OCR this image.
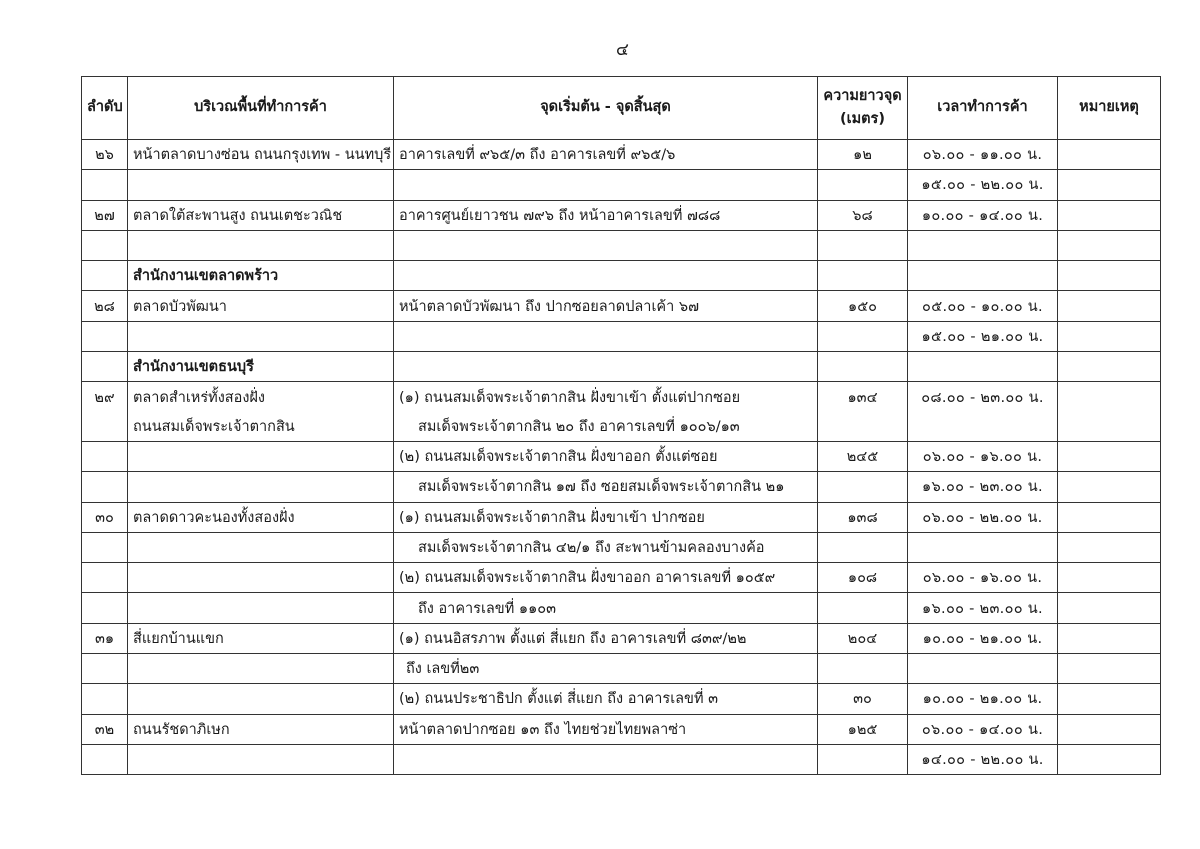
๔
ลำดับ	บริเวณพื้นที่ทำการค้า	จุดเริ่มต้น - จุดสิ้นสุด	ความยาวจุด
(เมตร)	เวลาทำการค้า	หมายเหตุ
๒๖	หน้าตลาดบางซ่อน ถนนกรุงเทพ - นนทบุรี	อาคารเลขที่ ๙๖๕/๓ ถึง อาคารเลขที่ ๙๖๕/๖	๑๒	๐๖.๐๐ - ๑๑.๐๐ น.	
				๑๕.๐๐ - ๒๒.๐๐ น.	
๒๗	ตลาดใต้สะพานสูง ถนนเตชะวณิช	อาคารศูนย์เยาวชน ๗๙๖ ถึง หน้าอาคารเลขที่ ๗๘๘	๖๘	๑๐.๐๐ - ๑๔.๐๐ น.	

	สำนักงานเขตลาดพร้าว				
๒๘	ตลาดบัวพัฒนา	หน้าตลาดบัวพัฒนา ถึง ปากซอยลาดปลาเค้า ๖๗	๑๕๐	๐๕.๐๐ - ๑๐.๐๐ น.	
				๑๕.๐๐ - ๒๑.๐๐ น.	
	สำนักงานเขตธนบุรี				
๒๙	ตลาดสำเหร่ทั้งสองฝั่ง	(๑) ถนนสมเด็จพระเจ้าตากสิน ฝั่งขาเข้า ตั้งแต่ปากซอย	๑๓๔	๐๘.๐๐ - ๒๓.๐๐ น.	
	ถนนสมเด็จพระเจ้าตากสิน	สมเด็จพระเจ้าตากสิน ๒๐ ถึง อาคารเลขที่ ๑๐๐๖/๑๓			
		(๒) ถนนสมเด็จพระเจ้าตากสิน ฝั่งขาออก ตั้งแต่ซอย	๒๔๕	๐๖.๐๐ - ๑๖.๐๐ น.	
		สมเด็จพระเจ้าตากสิน ๑๗ ถึง ซอยสมเด็จพระเจ้าตากสิน ๒๑		๑๖.๐๐ - ๒๓.๐๐ น.	
๓๐	ตลาดดาวคะนองทั้งสองฝั่ง	(๑) ถนนสมเด็จพระเจ้าตากสิน ฝั่งขาเข้า ปากซอย	๑๓๘	๐๖.๐๐ - ๒๒.๐๐ น.	
		สมเด็จพระเจ้าตากสิน ๔๒/๑ ถึง สะพานข้ามคลองบางค้อ			
		(๒) ถนนสมเด็จพระเจ้าตากสิน ฝั่งขาออก อาคารเลขที่ ๑๐๕๙	๑๐๘	๐๖.๐๐ - ๑๖.๐๐ น.	
		ถึง อาคารเลขที่ ๑๑๐๓		๑๖.๐๐ - ๒๓.๐๐ น.	
๓๑	สี่แยกบ้านแขก	(๑) ถนนอิสรภาพ ตั้งแต่ สี่แยก ถึง อาคารเลขที่ ๘๓๙/๒๒	๒๐๔	๑๐.๐๐ - ๒๑.๐๐ น.	
		ถึง เลขที่๒๓			
		(๒) ถนนประชาธิปก ตั้งแต่ สี่แยก ถึง อาคารเลขที่ ๓	๓๐	๑๐.๐๐ - ๒๑.๐๐ น.	
๓๒	ถนนรัชดาภิเษก	หน้าตลาดปากซอย ๑๓ ถึง ไทยช่วยไทยพลาซ่า	๑๒๕	๐๖.๐๐ - ๑๔.๐๐ น.	
				๑๔.๐๐ - ๒๒.๐๐ น.	
